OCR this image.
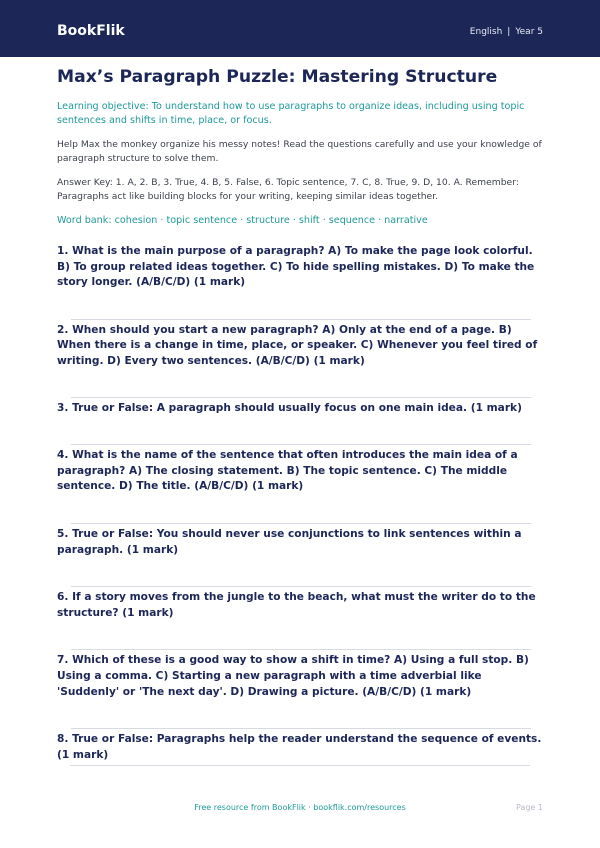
BookFlik	English | Year 5
Max’s Paragraph Puzzle: Mastering Structure
Learning objective: To understand how to use paragraphs to organize ideas, including using topic sentences and shifts in time, place, or focus.
Help Max the monkey organize his messy notes! Read the questions carefully and use your knowledge of paragraph structure to solve them.
Answer Key: 1. A, 2. B, 3. True, 4. B, 5. False, 6. Topic sentence, 7. C, 8. True, 9. D, 10. A. Remember: Paragraphs act like building blocks for your writing, keeping similar ideas together.
Word bank: cohesion · topic sentence · structure · shift · sequence · narrative
1. What is the main purpose of a paragraph? A) To make the page look colorful. B) To group related ideas together. C) To hide spelling mistakes. D) To make the story longer. (A/B/C/D) (1 mark)
2. When should you start a new paragraph? A) Only at the end of a page. B) When there is a change in time, place, or speaker. C) Whenever you feel tired of writing. D) Every two sentences. (A/B/C/D) (1 mark)
3. True or False: A paragraph should usually focus on one main idea. (1 mark)
4. What is the name of the sentence that often introduces the main idea of a paragraph? A) The closing statement. B) The topic sentence. C) The middle sentence. D) The title. (A/B/C/D) (1 mark)
5. True or False: You should never use conjunctions to link sentences within a paragraph. (1 mark)
6. If a story moves from the jungle to the beach, what must the writer do to the structure? (1 mark)
7. Which of these is a good way to show a shift in time? A) Using a full stop. B) Using a comma. C) Starting a new paragraph with a time adverbial like 'Suddenly' or 'The next day'. D) Drawing a picture. (A/B/C/D) (1 mark)
8. True or False: Paragraphs help the reader understand the sequence of events. (1 mark)
Free resource from BookFlik · bookflik.com/resources	Page 1
